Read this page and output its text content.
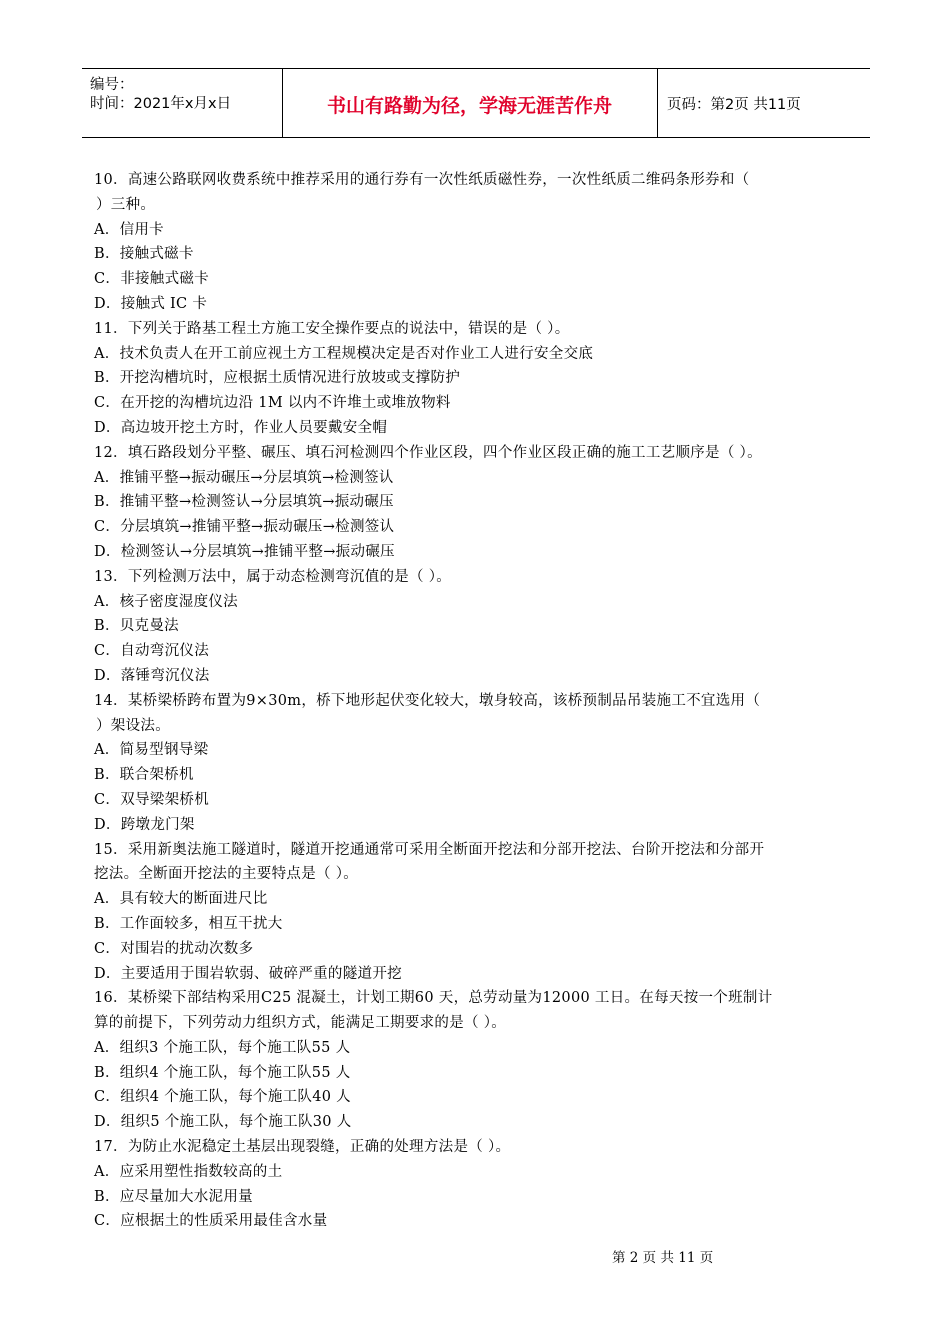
编号：
时间：2021年x月x日	书山有路勤为径，学海无涯苦作舟	页码：第2页 共11页
10．高速公路联网收费系统中推荐采用的通行券有一次性纸质磁性券，一次性纸质二维码条形券和（
）三种。
A．信用卡
B．接触式磁卡
C．非接触式磁卡
D．接触式 IC 卡
11．下列关于路基工程土方施工安全操作要点的说法中，错误的是（ ）。
A．技术负责人在开工前应视土方工程规模决定是否对作业工人进行安全交底
B．开挖沟槽坑时，应根据土质情况进行放坡或支撑防护
C．在开挖的沟槽坑边沿 1M 以内不许堆土或堆放物料
D．高边坡开挖土方时，作业人员要戴安全帽
12．填石路段划分平整、碾压、填石河检测四个作业区段，四个作业区段正确的施工工艺顺序是（ ）。
A．推铺平整→振动碾压→分层填筑→检测签认
B．推铺平整→检测签认→分层填筑→振动碾压
C．分层填筑→推铺平整→振动碾压→检测签认
D．检测签认→分层填筑→推铺平整→振动碾压
13．下列检测万法中，属于动态检测弯沉值的是（ ）。
A．核子密度湿度仪法
B．贝克曼法
C．自动弯沉仪法
D．落锤弯沉仪法
14．某桥梁桥跨布置为9×30m，桥下地形起伏变化较大，墩身较高，该桥预制品吊装施工不宜选用（
）架设法。
A．简易型钢导梁
B．联合架桥机
C．双导梁架桥机
D．跨墩龙门架
15．采用新奥法施工隧道时，隧道开挖通通常可采用全断面开挖法和分部开挖法、台阶开挖法和分部开
挖法。全断面开挖法的主要特点是（ ）。
A．具有较大的断面进尺比
B．工作面较多，相互干扰大
C．对围岩的扰动次数多
D．主要适用于围岩软弱、破碎严重的隧道开挖
16．某桥梁下部结构采用C25 混凝土，计划工期60 天，总劳动量为12000 工日。在每天按一个班制计
算的前提下，下列劳动力组织方式，能满足工期要求的是（ ）。
A．组织3 个施工队，每个施工队55 人
B．组织4 个施工队，每个施工队55 人
C．组织4 个施工队，每个施工队40 人
D．组织5 个施工队，每个施工队30 人
17．为防止水泥稳定土基层出现裂缝，正确的处理方法是（ ）。
A．应采用塑性指数较高的土
B．应尽量加大水泥用量
C．应根据土的性质采用最佳含水量
第 2 页 共 11 页
